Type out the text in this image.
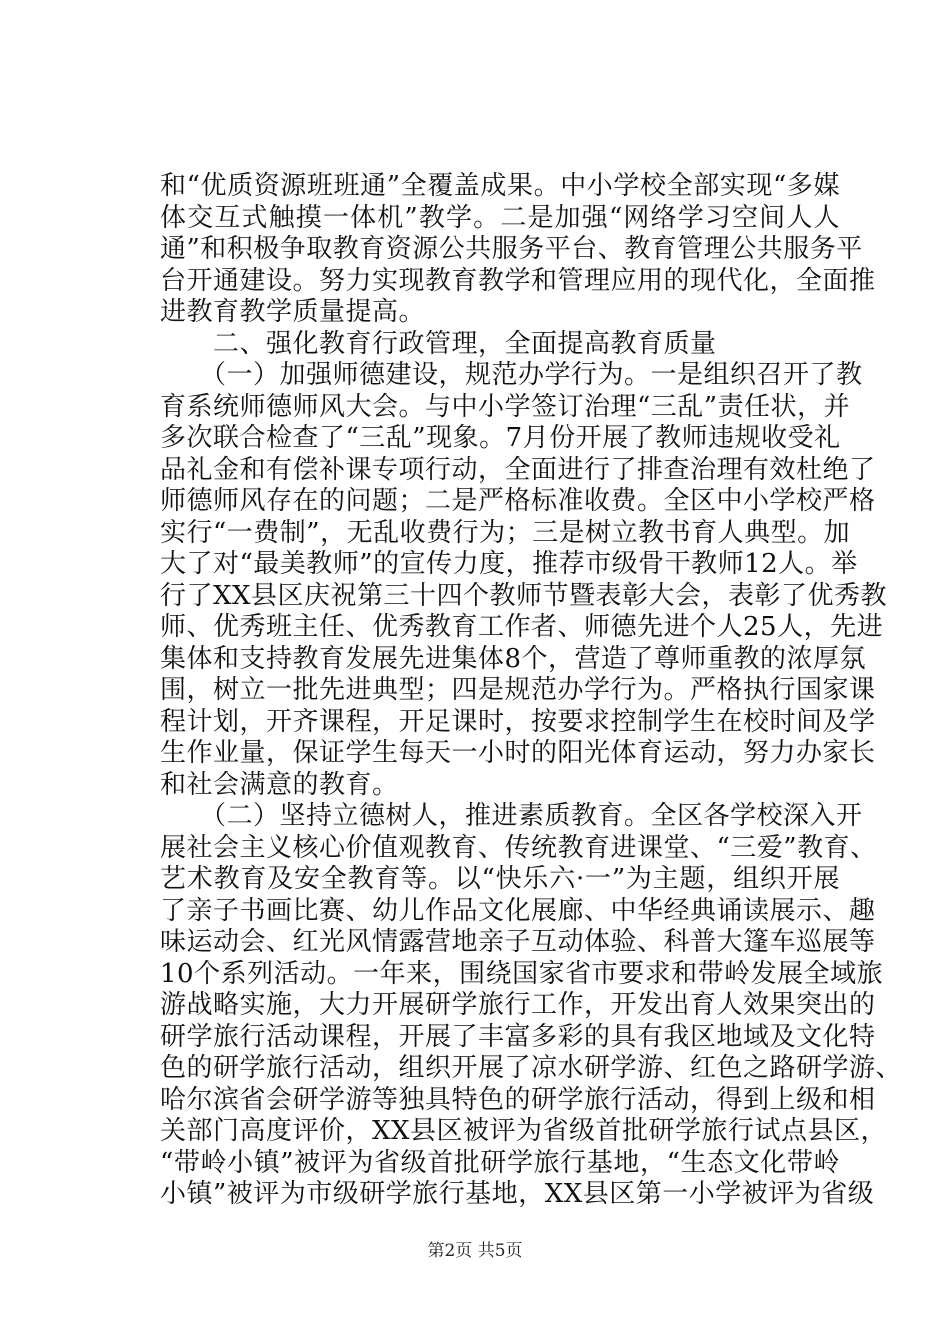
和“优质资源班班通”全覆盖成果。中小学校全部实现“多媒
体交互式触摸一体机”教学。二是加强“网络学习空间人人
通”和积极争取教育资源公共服务平台、教育管理公共服务平
台开通建设。努力实现教育教学和管理应用的现代化，全面推
进教育教学质量提高。
　　二、强化教育行政管理，全面提高教育质量
　　（一）加强师德建设，规范办学行为。一是组织召开了教
育系统师德师风大会。与中小学签订治理“三乱”责任状，并
多次联合检查了“三乱”现象。7月份开展了教师违规收受礼
品礼金和有偿补课专项行动，全面进行了排查治理有效杜绝了
师德师风存在的问题；二是严格标准收费。全区中小学校严格
实行“一费制”，无乱收费行为；三是树立教书育人典型。加
大了对“最美教师”的宣传力度，推荐市级骨干教师12人。举
行了XX县区庆祝第三十四个教师节暨表彰大会，表彰了优秀教
师、优秀班主任、优秀教育工作者、师德先进个人25人，先进
集体和支持教育发展先进集体8个，营造了尊师重教的浓厚氛
围，树立一批先进典型；四是规范办学行为。严格执行国家课
程计划，开齐课程，开足课时，按要求控制学生在校时间及学
生作业量，保证学生每天一小时的阳光体育运动，努力办家长
和社会满意的教育。
　　（二）坚持立德树人，推进素质教育。全区各学校深入开
展社会主义核心价值观教育、传统教育进课堂、“三爱”教育、
艺术教育及安全教育等。以“快乐六·一”为主题，组织开展
了亲子书画比赛、幼儿作品文化展廊、中华经典诵读展示、趣
味运动会、红光风情露营地亲子互动体验、科普大篷车巡展等
10个系列活动。一年来，围绕国家省市要求和带岭发展全域旅
游战略实施，大力开展研学旅行工作，开发出育人效果突出的
研学旅行活动课程，开展了丰富多彩的具有我区地域及文化特
色的研学旅行活动，组织开展了凉水研学游、红色之路研学游、
哈尔滨省会研学游等独具特色的研学旅行活动，得到上级和相
关部门高度评价，XX县区被评为省级首批研学旅行试点县区，
“带岭小镇”被评为省级首批研学旅行基地，“生态文化带岭
小镇”被评为市级研学旅行基地，XX县区第一小学被评为省级
第2页 共5页
